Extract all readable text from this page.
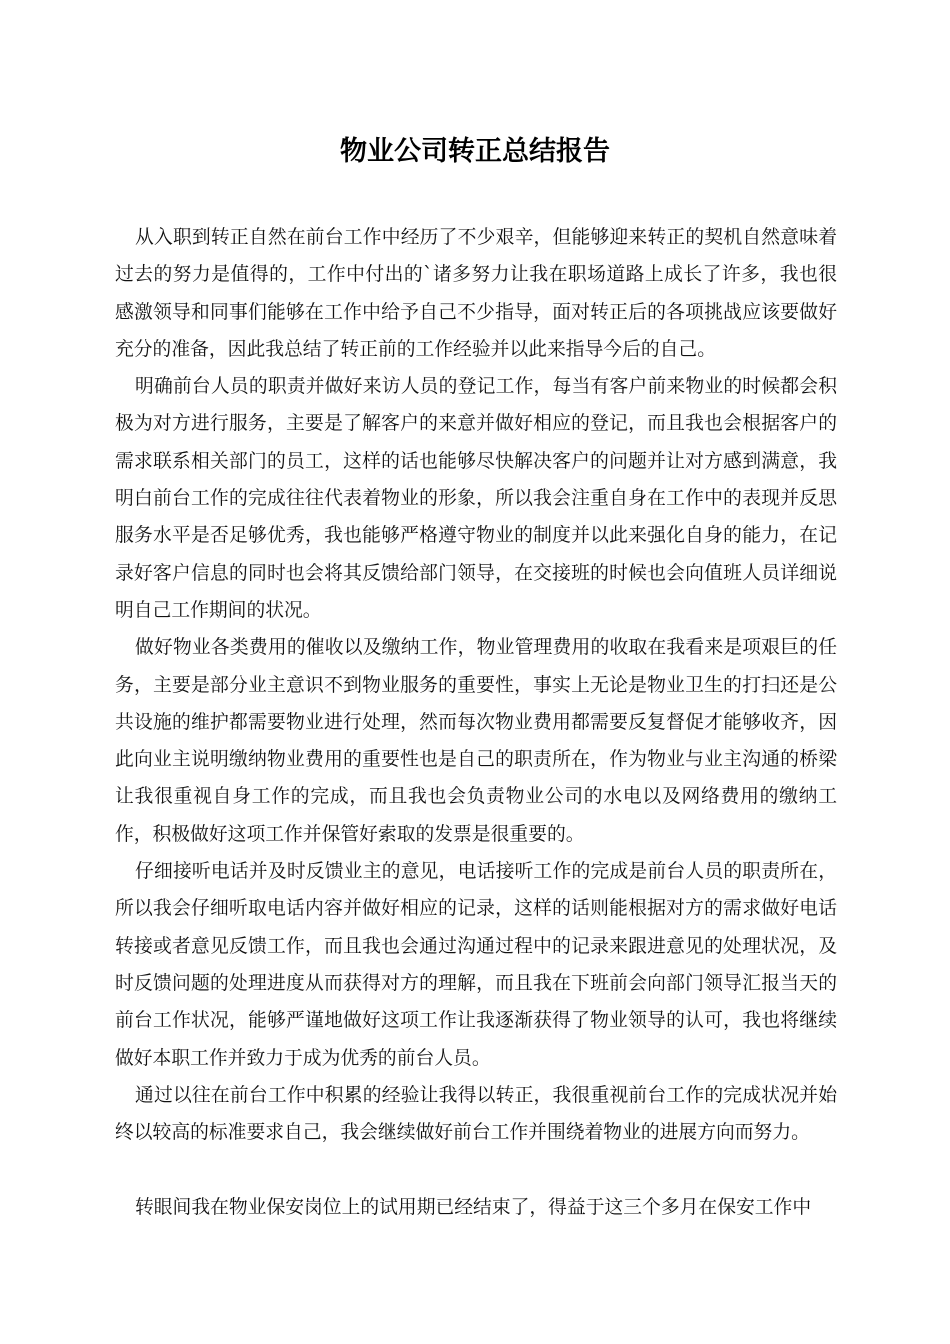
物业公司转正总结报告

从入职到转正自然在前台工作中经历了不少艰辛，但能够迎来转正的契机自然意味着过去的努力是值得的，工作中付出的`诸多努力让我在职场道路上成长了许多，我也很感激领导和同事们能够在工作中给予自己不少指导，面对转正后的各项挑战应该要做好充分的准备，因此我总结了转正前的工作经验并以此来指导今后的自己。

明确前台人员的职责并做好来访人员的登记工作，每当有客户前来物业的时候都会积极为对方进行服务，主要是了解客户的来意并做好相应的登记，而且我也会根据客户的需求联系相关部门的员工，这样的话也能够尽快解决客户的问题并让对方感到满意，我明白前台工作的完成往往代表着物业的形象，所以我会注重自身在工作中的表现并反思服务水平是否足够优秀，我也能够严格遵守物业的制度并以此来强化自身的能力，在记录好客户信息的同时也会将其反馈给部门领导，在交接班的时候也会向值班人员详细说明自己工作期间的状况。

做好物业各类费用的催收以及缴纳工作，物业管理费用的收取在我看来是项艰巨的任务，主要是部分业主意识不到物业服务的重要性，事实上无论是物业卫生的打扫还是公共设施的维护都需要物业进行处理，然而每次物业费用都需要反复督促才能够收齐，因此向业主说明缴纳物业费用的重要性也是自己的职责所在，作为物业与业主沟通的桥梁让我很重视自身工作的完成，而且我也会负责物业公司的水电以及网络费用的缴纳工作，积极做好这项工作并保管好索取的发票是很重要的。

仔细接听电话并及时反馈业主的意见，电话接听工作的完成是前台人员的职责所在，所以我会仔细听取电话内容并做好相应的记录，这样的话则能根据对方的需求做好电话转接或者意见反馈工作，而且我也会通过沟通过程中的记录来跟进意见的处理状况，及时反馈问题的处理进度从而获得对方的理解，而且我在下班前会向部门领导汇报当天的前台工作状况，能够严谨地做好这项工作让我逐渐获得了物业领导的认可，我也将继续做好本职工作并致力于成为优秀的前台人员。

通过以往在前台工作中积累的经验让我得以转正，我很重视前台工作的完成状况并始终以较高的标准要求自己，我会继续做好前台工作并围绕着物业的进展方向而努力。

转眼间我在物业保安岗位上的试用期已经结束了，得益于这三个多月在保安工作中
